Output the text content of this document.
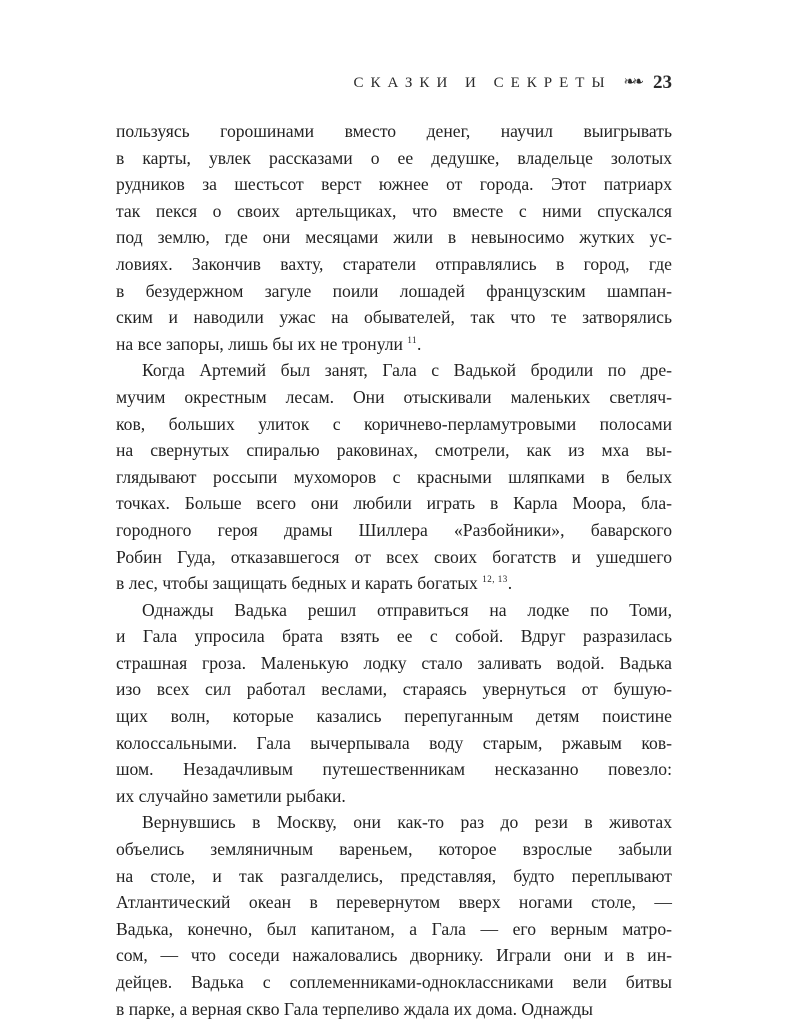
СКАЗКИ И СЕКРЕТЫ ❧❧ 23
пользуясь горошинами вместо денег, научил выигрывать
в карты, увлек рассказами о ее дедушке, владельце золотых
рудников за шестьсот верст южнее от города. Этот патриарх
так пекся о своих артельщиках, что вместе с ними спускался
под землю, где они месяцами жили в невыносимо жутких ус-
ловиях. Закончив вахту, старатели отправлялись в город, где
в безудержном загуле поили лошадей французским шампан-
ским и наводили ужас на обывателей, так что те затворялись
на все запоры, лишь бы их не тронули $^{11}$.
Когда Артемий был занят, Гала с Вадькой бродили по дре-
мучим окрестным лесам. Они отыскивали маленьких светляч-
ков, больших улиток с коричнево-перламутровыми полосами
на свернутых спиралью раковинах, смотрели, как из мха вы-
глядывают россыпи мухоморов с красными шляпками в белых
точках. Больше всего они любили играть в Карла Моора, бла-
городного героя драмы Шиллера «Разбойники», баварского
Робин Гуда, отказавшегося от всех своих богатств и ушедшего
в лес, чтобы защищать бедных и карать богатых $^{12, 13}$.
Однажды Вадька решил отправиться на лодке по Томи,
и Гала упросила брата взять ее с собой. Вдруг разразилась
страшная гроза. Маленькую лодку стало заливать водой. Вадька
изо всех сил работал веслами, стараясь увернуться от бушую-
щих волн, которые казались перепуганным детям поистине
колоссальными. Гала вычерпывала воду старым, ржавым ков-
шом. Незадачливым путешественникам несказанно повезло:
их случайно заметили рыбаки.
Вернувшись в Москву, они как-то раз до рези в животах
объелись земляничным вареньем, которое взрослые забыли
на столе, и так разгалделись, представляя, будто переплывают
Атлантический океан в перевернутом вверх ногами столе, —
Вадька, конечно, был капитаном, а Гала — его верным матро-
сом, — что соседи нажаловались дворнику. Играли они и в ин-
дейцев. Вадька с соплеменниками-одноклассниками вели битвы
в парке, а верная скво Гала терпеливо ждала их дома. Однажды
